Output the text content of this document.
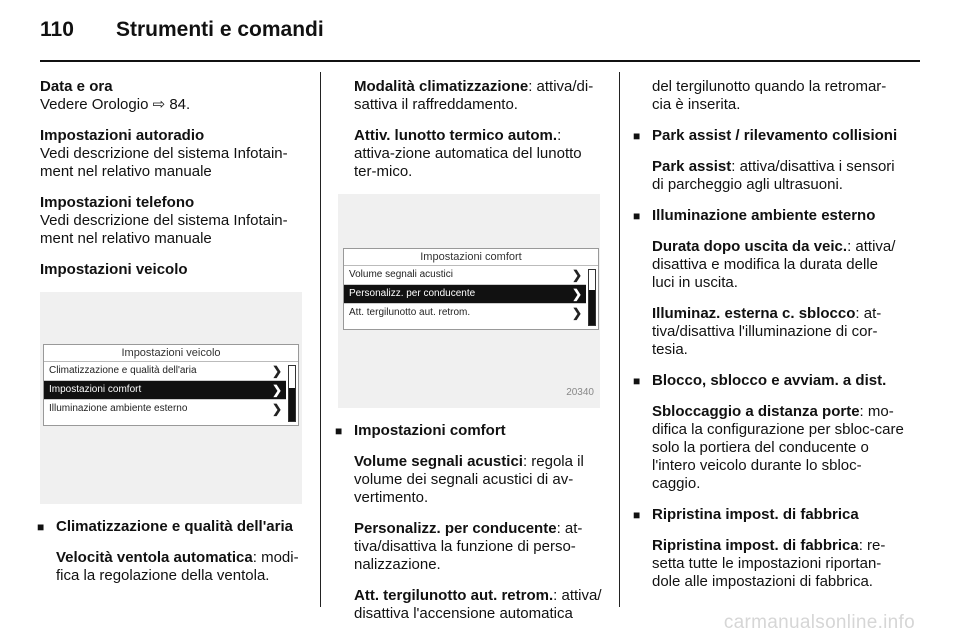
110 Strumenti e comandi

Data e ora
Vedere Orologio ⇨ 84.

Impostazioni autoradio
Vedi descrizione del sistema Infotain-ment nel relativo manuale

Impostazioni telefono
Vedi descrizione del sistema Infotain-ment nel relativo manuale

Impostazioni veicolo

Impostazioni veicolo
Climatizzazione e qualità dell'aria	❯
Impostazioni comfort	❯
Illuminazione ambiente esterno	❯

■ Climatizzazione e qualità dell'aria

Velocità ventola automatica: modi-fica la regolazione della ventola.

Modalità climatizzazione: attiva/di-sattiva il raffreddamento.

Attiv. lunotto termico autom.: attiva-zione automatica del lunotto ter-mico.

Impostazioni comfort
Volume segnali acustici	❯
Personalizz. per conducente	❯
Att. tergilunotto aut. retrom.	❯
20340

■ Impostazioni comfort

Volume segnali acustici: regola il volume dei segnali acustici di av-vertimento.

Personalizz. per conducente: at-tiva/disattiva la funzione di perso-nalizzazione.

Att. tergilunotto aut. retrom.: attiva/ disattiva l'accensione automatica

del tergilunotto quando la retromar-cia è inserita.

■ Park assist / rilevamento collisioni

Park assist: attiva/disattiva i sensori di parcheggio agli ultrasuoni.

■ Illuminazione ambiente esterno

Durata dopo uscita da veic.: attiva/ disattiva e modifica la durata delle luci in uscita.

Illuminaz. esterna c. sblocco: at-tiva/disattiva l'illuminazione di cor-tesia.

■ Blocco, sblocco e avviam. a dist.

Sbloccaggio a distanza porte: mo-difica la configurazione per sbloc-care solo la portiera del conducente o l'intero veicolo durante lo sbloc-caggio.

■ Ripristina impost. di fabbrica

Ripristina impost. di fabbrica: re-setta tutte le impostazioni riportan-dole alle impostazioni di fabbrica.

carmanualsonline.info
